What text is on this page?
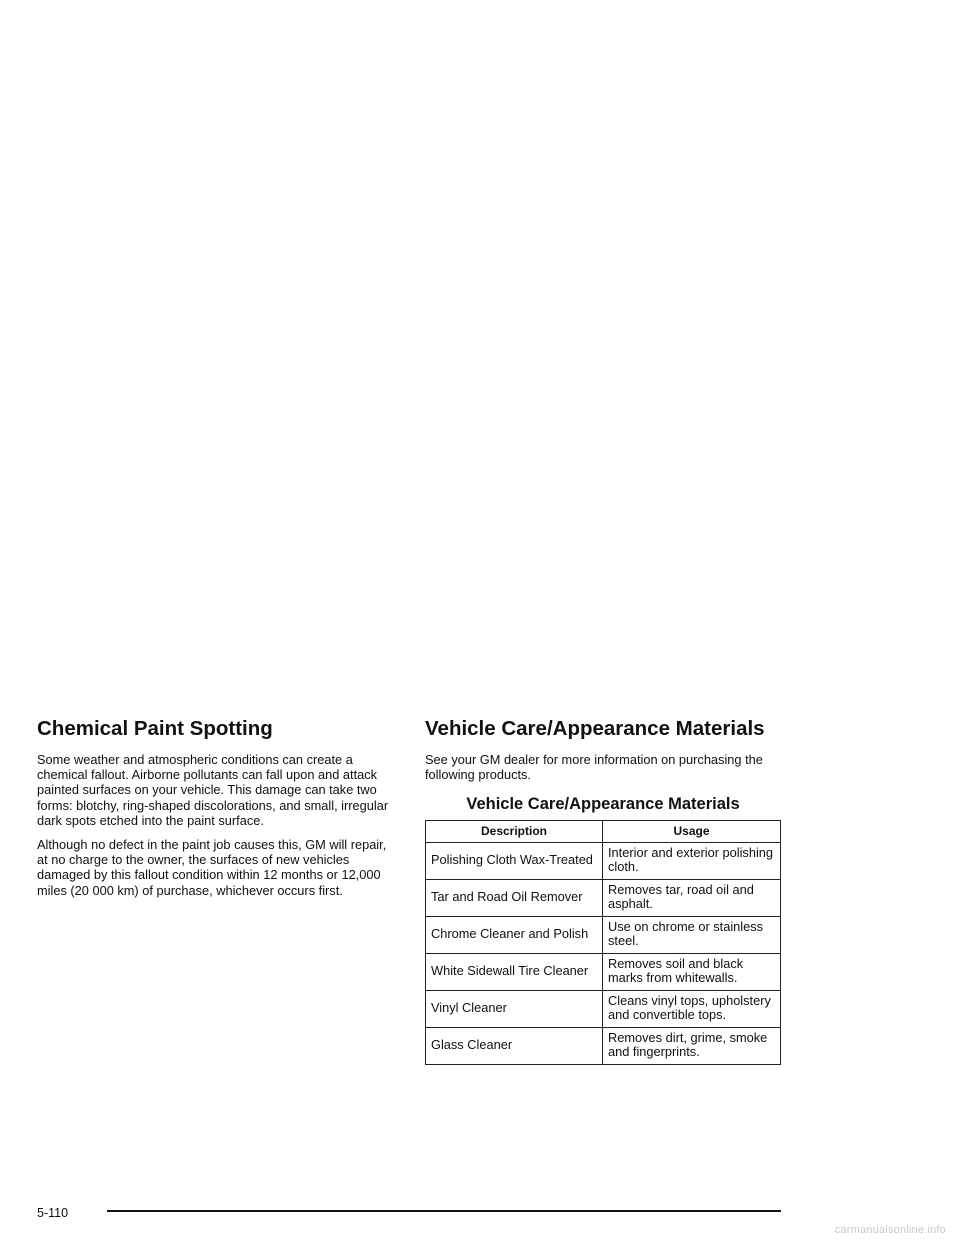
Chemical Paint Spotting

Some weather and atmospheric conditions can create a chemical fallout. Airborne pollutants can fall upon and attack painted surfaces on your vehicle. This damage can take two forms: blotchy, ring-shaped discolorations, and small, irregular dark spots etched into the paint surface.

Although no defect in the paint job causes this, GM will repair, at no charge to the owner, the surfaces of new vehicles damaged by this fallout condition within 12 months or 12,000 miles (20 000 km) of purchase, whichever occurs first.

Vehicle Care/Appearance Materials

See your GM dealer for more information on purchasing the following products.

Vehicle Care/Appearance Materials
Description	Usage
Polishing Cloth Wax-Treated	Interior and exterior polishing cloth.
Tar and Road Oil Remover	Removes tar, road oil and asphalt.
Chrome Cleaner and Polish	Use on chrome or stainless steel.
White Sidewall Tire Cleaner	Removes soil and black marks from whitewalls.
Vinyl Cleaner	Cleans vinyl tops, upholstery and convertible tops.
Glass Cleaner	Removes dirt, grime, smoke and fingerprints.
5-110
carmanualsonline.info
